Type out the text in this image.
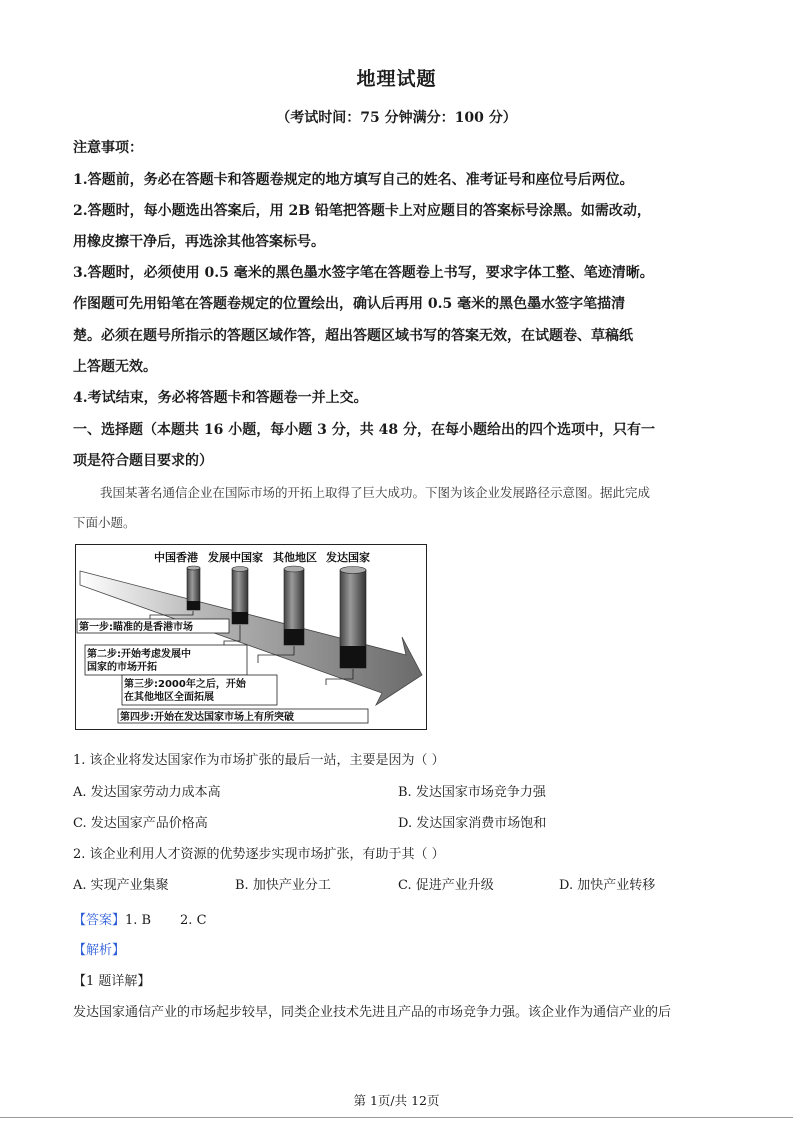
地理试题
（考试时间：75 分钟满分：100 分）
注意事项：
1.答题前，务必在答题卡和答题卷规定的地方填写自己的姓名、准考证号和座位号后两位。
2.答题时，每小题选出答案后，用 2B 铅笔把答题卡上对应题目的答案标号涂黑。如需改动，
用橡皮擦干净后，再选涂其他答案标号。
3.答题时，必须使用 0.5 毫米的黑色墨水签字笔在答题卷上书写，要求字体工整、笔迹清晰。
作图题可先用铅笔在答题卷规定的位置绘出，确认后再用 0.5 毫米的黑色墨水签字笔描清
楚。必须在题号所指示的答题区域作答，超出答题区域书写的答案无效，在试题卷、草稿纸
上答题无效。
4.考试结束，务必将答题卡和答题卷一并上交。
一、选择题（本题共 16 小题，每小题 3 分，共 48 分，在每小题给出的四个选项中，只有一
项是符合题目要求的）
我国某著名通信企业在国际市场的开拓上取得了巨大成功。下图为该企业发展路径示意图。据此完成
下面小题。
中国香港 发展中国家 其他地区 发达国家
第一步:瞄准的是香港市场
第二步:开始考虑发展中
国家的市场开拓
第三步:2000年之后，开始
在其他地区全面拓展
第四步:开始在发达国家市场上有所突破
1. 该企业将发达国家作为市场扩张的最后一站，主要是因为（ ）
A. 发达国家劳动力成本高	B. 发达国家市场竞争力强
C. 发达国家产品价格高	D. 发达国家消费市场饱和
2. 该企业利用人才资源的优势逐步实现市场扩张，有助于其（ ）
A. 实现产业集聚	B. 加快产业分工	C. 促进产业升级	D. 加快产业转移
【答案】1. B       2. C
【解析】
【1 题详解】
发达国家通信产业的市场起步较早，同类企业技术先进且产品的市场竞争力强。该企业作为通信产业的后
第 1页/共 12页
